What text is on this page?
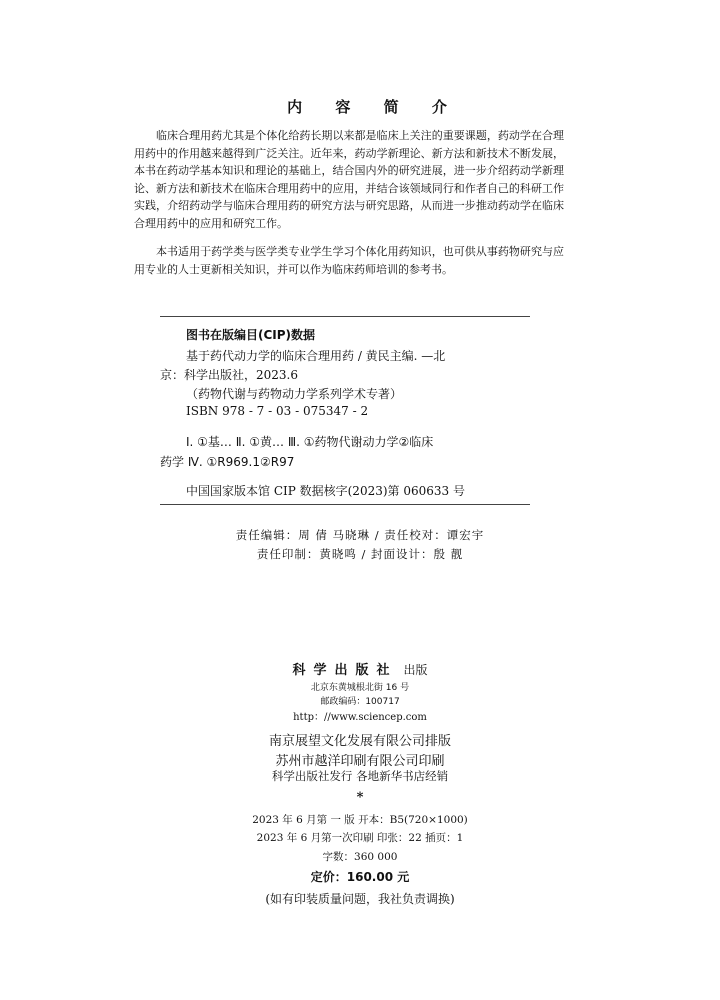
内 容 简 介

临床合理用药尤其是个体化给药长期以来都是临床上关注的重要课题，药动学在合理用药中的作用越来越得到广泛关注。近年来，药动学新理论、新方法和新技术不断发展，本书在药动学基本知识和理论的基础上，结合国内外的研究进展，进一步介绍药动学新理论、新方法和新技术在临床合理用药中的应用，并结合该领域同行和作者自己的科研工作实践，介绍药动学与临床合理用药的研究方法与研究思路，从而进一步推动药动学在临床合理用药中的应用和研究工作。

本书适用于药学类与医学类专业学生学习个体化用药知识，也可供从事药物研究与应用专业的人士更新相关知识，并可以作为临床药师培训的参考书。

图书在版编目(CIP)数据
基于药代动力学的临床合理用药 / 黄民主编. —北
京：科学出版社，2023.6
（药物代谢与药物动力学系列学术专著）
ISBN 978 - 7 - 03 - 075347 - 2
Ⅰ. ①基… Ⅱ. ①黄… Ⅲ. ①药物代谢动力学②临床
药学 Ⅳ. ①R969.1②R97
中国国家版本馆 CIP 数据核字(2023)第 060633 号
责任编辑：周 倩 马晓琳 / 责任校对：谭宏宇
责任印制：黄晓鸣 / 封面设计：殷 靓
科学出版社 出版
北京东黄城根北街 16 号
邮政编码：100717
http：//www.sciencep.com
南京展望文化发展有限公司排版
苏州市越洋印刷有限公司印刷
科学出版社发行 各地新华书店经销
*
2023 年 6 月第 一 版 开本：B5(720×1000)
2023 年 6 月第一次印刷 印张：22 插页：1
字数：360 000
定价：160.00 元
(如有印装质量问题，我社负责调换)
